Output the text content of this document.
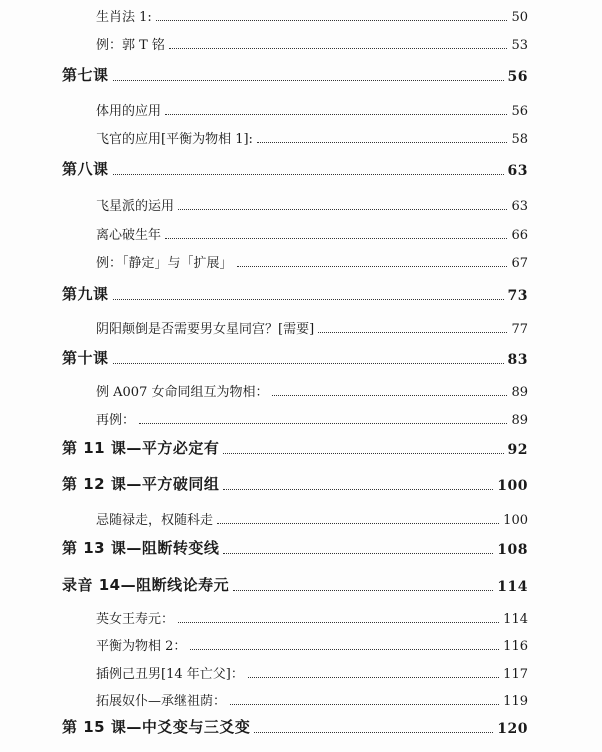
生肖法 1:	50
例：郭 T 铭	53
第七课	56
体用的应用	56
飞官的应用[平衡为物相 1]:	58
第八课	63
飞星派的运用	63
离心破生年	66
例：「静定」与「扩展」	67
第九课	73
阴阳颠倒是否需要男女星同宫？[需要]	77
第十课	83
例 A007 女命同组互为物相：	89
再例：	89
第 11 课—平方必定有	92
第 12 课—平方破同组	100
忌随禄走，权随科走	100
第 13 课—阻断转变线	108
录音 14—阻断线论寿元	114
英女王寿元：	114
平衡为物相 2：	116
插例己丑男[14 年亡父]：	117
拓展奴仆—承继祖荫：	119
第 15 课—中爻变与三爻变	120
